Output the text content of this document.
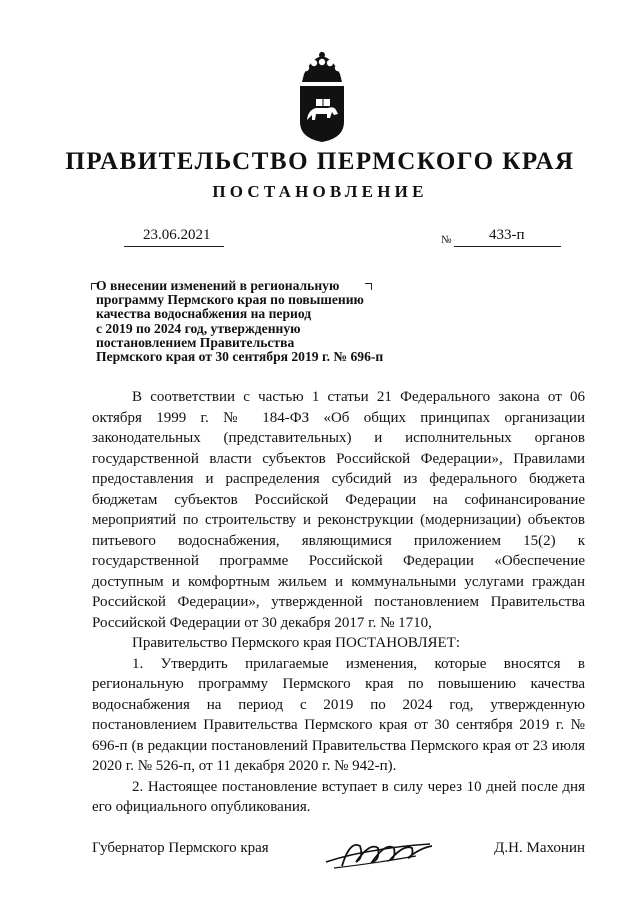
ПРАВИТЕЛЬСТВО ПЕРМСКОГО КРАЯ
ПОСТАНОВЛЕНИЕ
23.06.2021	№	433-п
О внесении изменений в региональную
программу Пермского края по повышению
качества водоснабжения на период
с 2019 по 2024 год, утвержденную
постановлением Правительства
Пермского края от 30 сентября 2019 г. № 696-п

В соответствии с частью 1 статьи 21 Федерального закона от 06 октября 1999 г. № 184-ФЗ «Об общих принципах организации законодательных (представительных) и исполнительных органов государственной власти субъектов Российской Федерации», Правилами предоставления и распределения субсидий из федерального бюджета бюджетам субъектов Российской Федерации на софинансирование мероприятий по строительству и реконструкции (модернизации) объектов питьевого водоснабжения, являющимися приложением 15(2) к государственной программе Российской Федерации «Обеспечение доступным и комфортным жильем и коммунальными услугами граждан Российской Федерации», утвержденной постановлением Правительства Российской Федерации от 30 декабря 2017 г. № 1710,

Правительство Пермского края ПОСТАНОВЛЯЕТ:

1. Утвердить прилагаемые изменения, которые вносятся в региональную программу Пермского края по повышению качества водоснабжения на период с 2019 по 2024 год, утвержденную постановлением Правительства Пермского края от 30 сентября 2019 г. № 696-п (в редакции постановлений Правительства Пермского края от 23 июля 2020 г. № 526-п, от 11 декабря 2020 г. № 942-п).

2. Настоящее постановление вступает в силу через 10 дней после дня его официального опубликования.

Губернатор Пермского края	Д.Н. Махонин
